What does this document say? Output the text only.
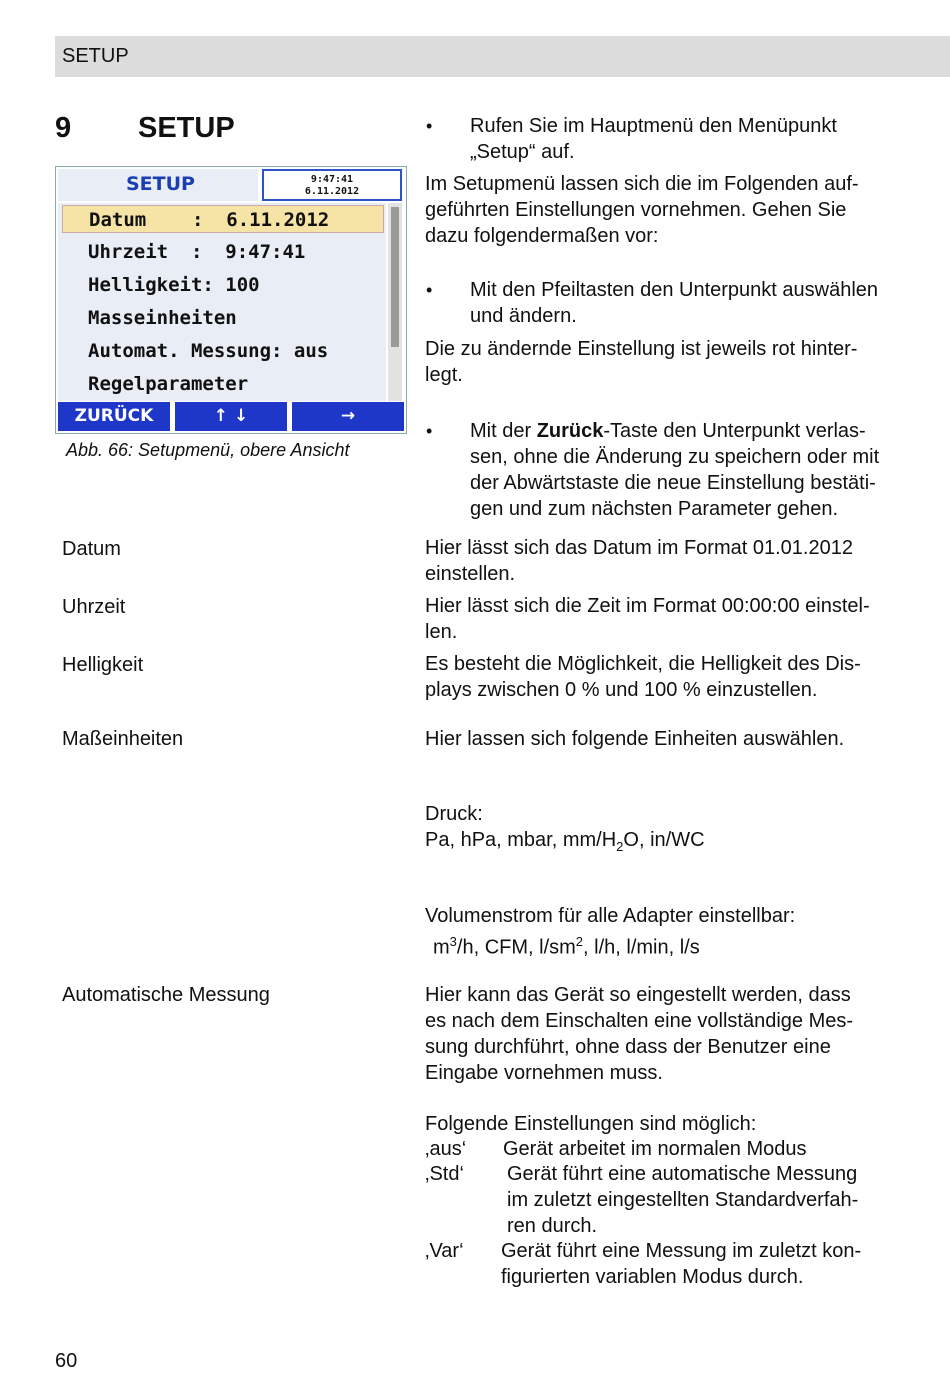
SETUP
9 SETUP
SETUP	9:47:41
6.11.2012
Datum    :  6.11.2012
Uhrzeit  :  9:47:41
Helligkeit: 100
Masseinheiten
Automat. Messung: aus
Regelparameter
ZURÜCK	↑ ↓	→
Abb. 66: Setupmenü, obere Ansicht
• Rufen Sie im Hauptmenü den Menüpunkt
„Setup“ auf.
Im Setupmenü lassen sich die im Folgenden auf-
geführten Einstellungen vornehmen. Gehen Sie
dazu folgendermaßen vor:
• Mit den Pfeiltasten den Unterpunkt auswählen
und ändern.
Die zu ändernde Einstellung ist jeweils rot hinter-
legt.
• Mit der Zurück-Taste den Unterpunkt verlas-
sen, ohne die Änderung zu speichern oder mit
der Abwärtstaste die neue Einstellung bestäti-
gen und zum nächsten Parameter gehen.
Datum	Hier lässt sich das Datum im Format 01.01.2012
einstellen.
Uhrzeit	Hier lässt sich die Zeit im Format 00:00:00 einstel-
len.
Helligkeit	Es besteht die Möglichkeit, die Helligkeit des Dis-
plays zwischen 0 % und 100 % einzustellen.
Maßeinheiten	Hier lassen sich folgende Einheiten auswählen.
Druck:
Pa, hPa, mbar, $mm/H_2O$, in/WC
Volumenstrom für alle Adapter einstellbar:
$m^3/h$, CFM, $l/sm^2$, l/h, l/min, l/s
Automatische Messung	Hier kann das Gerät so eingestellt werden, dass
es nach dem Einschalten eine vollständige Mes-
sung durchführt, ohne dass der Benutzer eine
Eingabe vornehmen muss.
Folgende Einstellungen sind möglich:
‚aus‘ Gerät arbeitet im normalen Modus
‚Std‘ Gerät führt eine automatische Messung
im zuletzt eingestellten Standardverfah-
ren durch.
‚Var‘ Gerät führt eine Messung im zuletzt kon-
figurierten variablen Modus durch.
60
